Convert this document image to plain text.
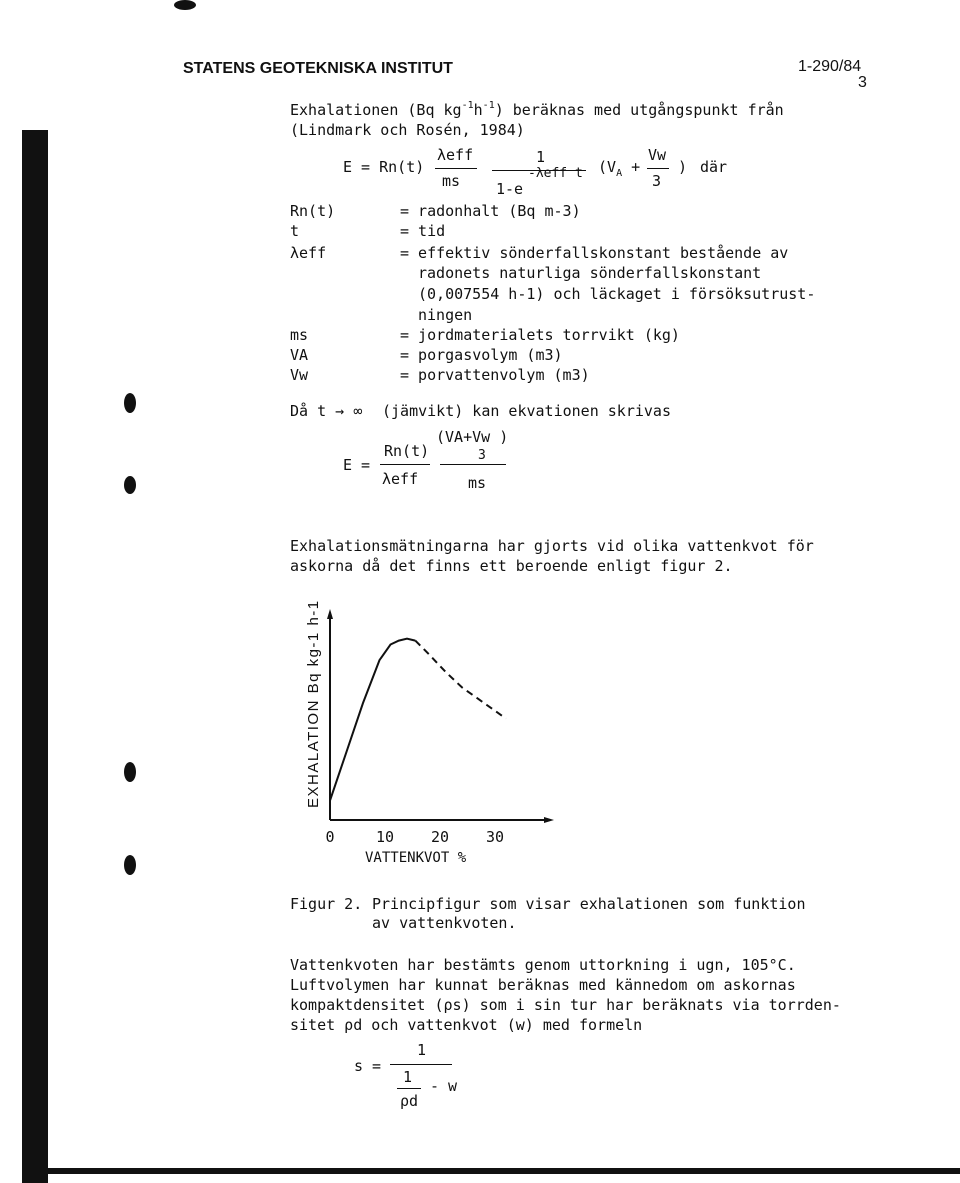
STATENS GEOTEKNISKA INSTITUT	1-290/84
3
Exhalationen (Bq $kg^{-1}h^{-1}$) beräknas med utgångspunkt från
(Lindmark och Rosén, 1984)
E = Rn(t)
λeff
ms
1
1-e
-λeff t ($V_A$ +
Vw
3
) där
Rn(t)	= radonhalt (Bq m-3)
t	= tid
λeff	= effektiv sönderfallskonstant bestående av
radonets naturliga sönderfallskonstant
(0,007554 h-1) och läckaget i försöksutrust-
ningen
ms	= jordmaterialets torrvikt (kg)
VA	= porgasvolym (m3)
Vw	= porvattenvolym (m3)
Då t → ∞ (jämvikt) kan ekvationen skrivas
E =
Rn(t)
λeff
(VA+Vw )
3
ms
Exhalationsmätningarna har gjorts vid olika vattenkvot för
askorna då det finns ett beroende enligt figur 2.
0	10 20 30
VATTENKVOT %
EXHALATION Bq kg-1 h-1
Figur 2. Principfigur som visar exhalationen som funktion
av vattenkvoten.
Vattenkvoten har bestämts genom uttorkning i ugn, 105°C.
Luftvolymen har kunnat beräknas med kännedom om askornas
kompaktdensitet (ρs) som i sin tur har beräknats via torrden-
sitet ρd och vattenkvot (w) med formeln
s =
1
1
ρd
- w
